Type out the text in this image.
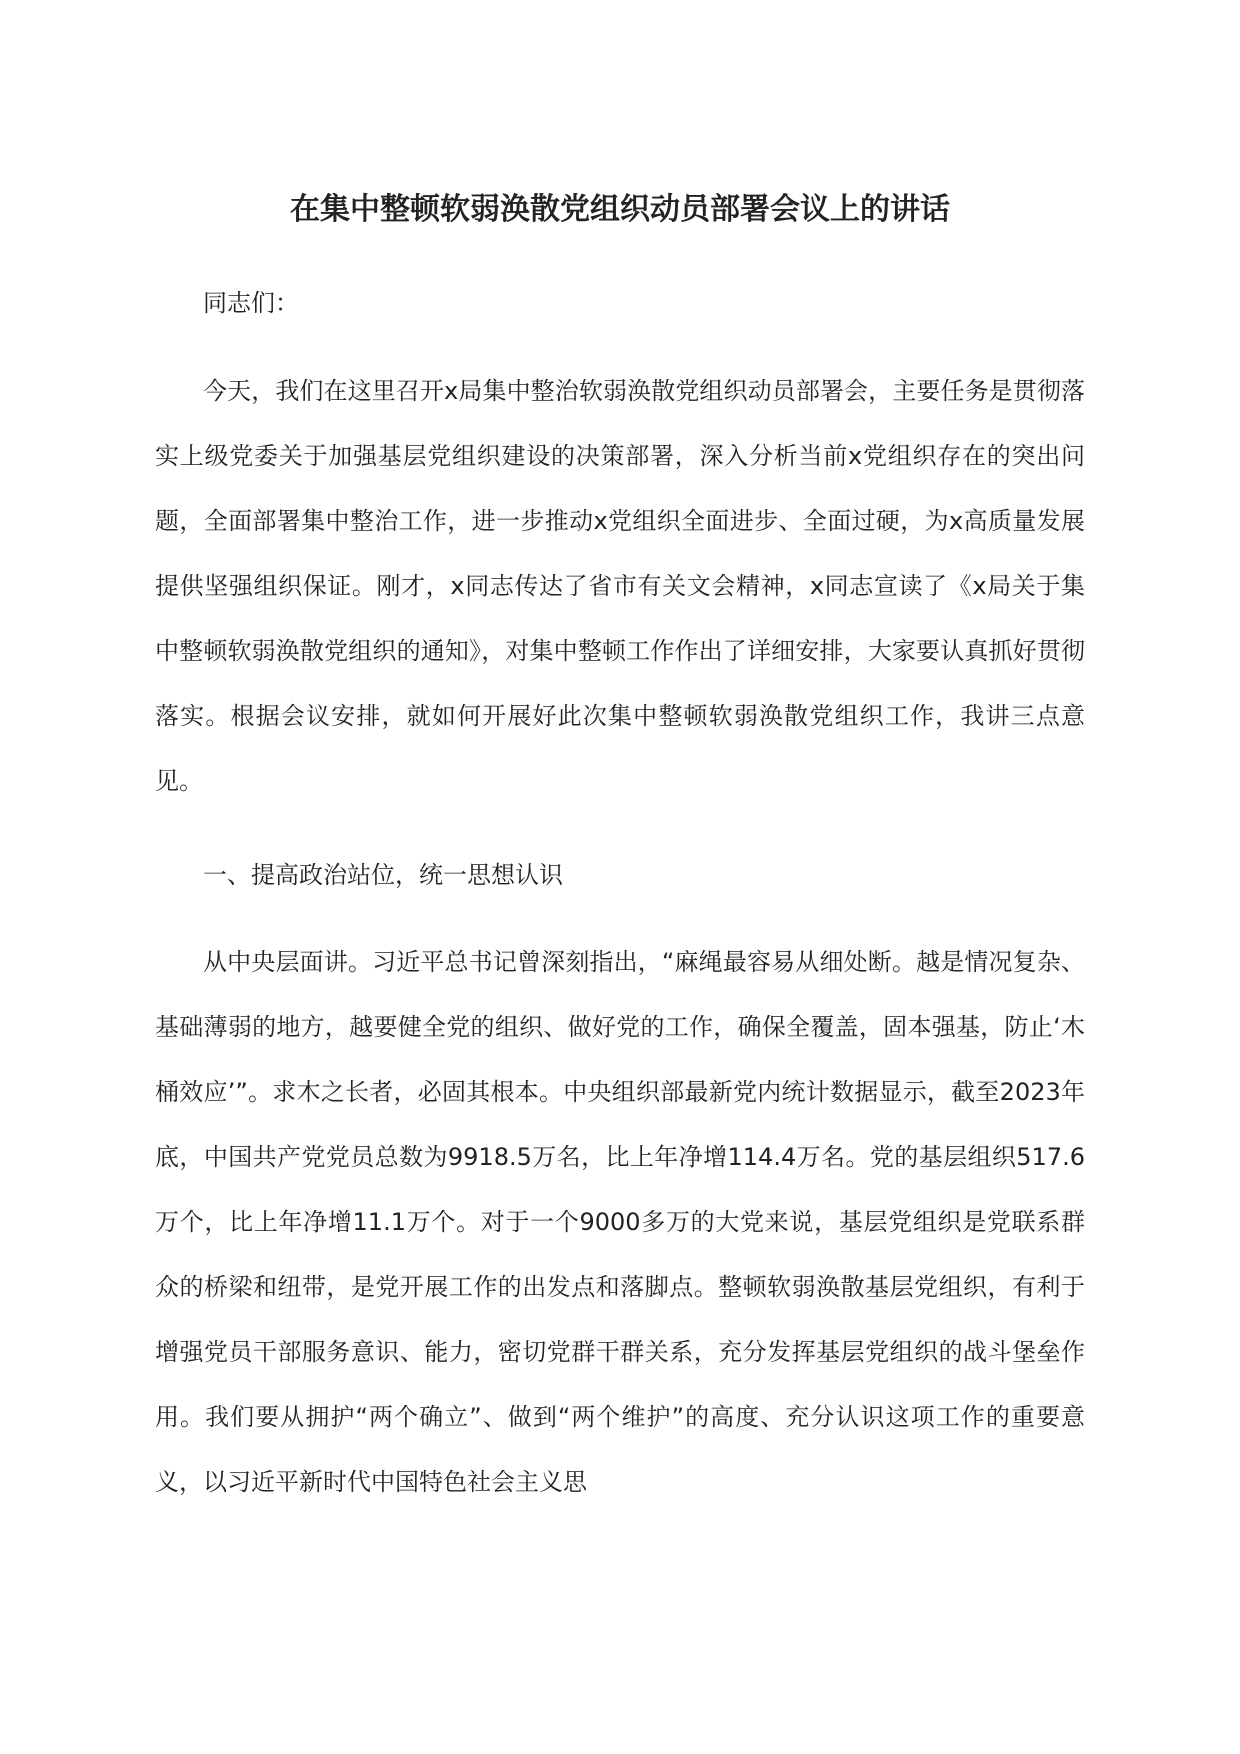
在集中整顿软弱涣散党组织动员部署会议上的讲话

同志们：

今天，我们在这里召开x局集中整治软弱涣散党组织动员部署会，主要任务是贯彻落实上级党委关于加强基层党组织建设的决策部署，深入分析当前x党组织存在的突出问题，全面部署集中整治工作，进一步推动x党组织全面进步、全面过硬，为x高质量发展提供坚强组织保证。刚才，x同志传达了省市有关文会精神，x同志宣读了《x局关于集中整顿软弱涣散党组织的通知》，对集中整顿工作作出了详细安排，大家要认真抓好贯彻落实。根据会议安排，就如何开展好此次集中整顿软弱涣散党组织工作，我讲三点意见。

一、提高政治站位，统一思想认识

从中央层面讲。习近平总书记曾深刻指出，“麻绳最容易从细处断。越是情况复杂、基础薄弱的地方，越要健全党的组织、做好党的工作，确保全覆盖，固本强基，防止‘木桶效应’”。求木之长者，必固其根本。中央组织部最新党内统计数据显示，截至2023年底，中国共产党党员总数为9918.5万名，比上年净增114.4万名。党的基层组织517.6万个，比上年净增11.1万个。对于一个9000多万的大党来说，基层党组织是党联系群众的桥梁和纽带，是党开展工作的出发点和落脚点。整顿软弱涣散基层党组织，有利于增强党员干部服务意识、能力，密切党群干群关系，充分发挥基层党组织的战斗堡垒作用。我们要从拥护“两个确立”、做到“两个维护”的高度、充分认识这项工作的重要意义，以习近平新时代中国特色社会主义思
